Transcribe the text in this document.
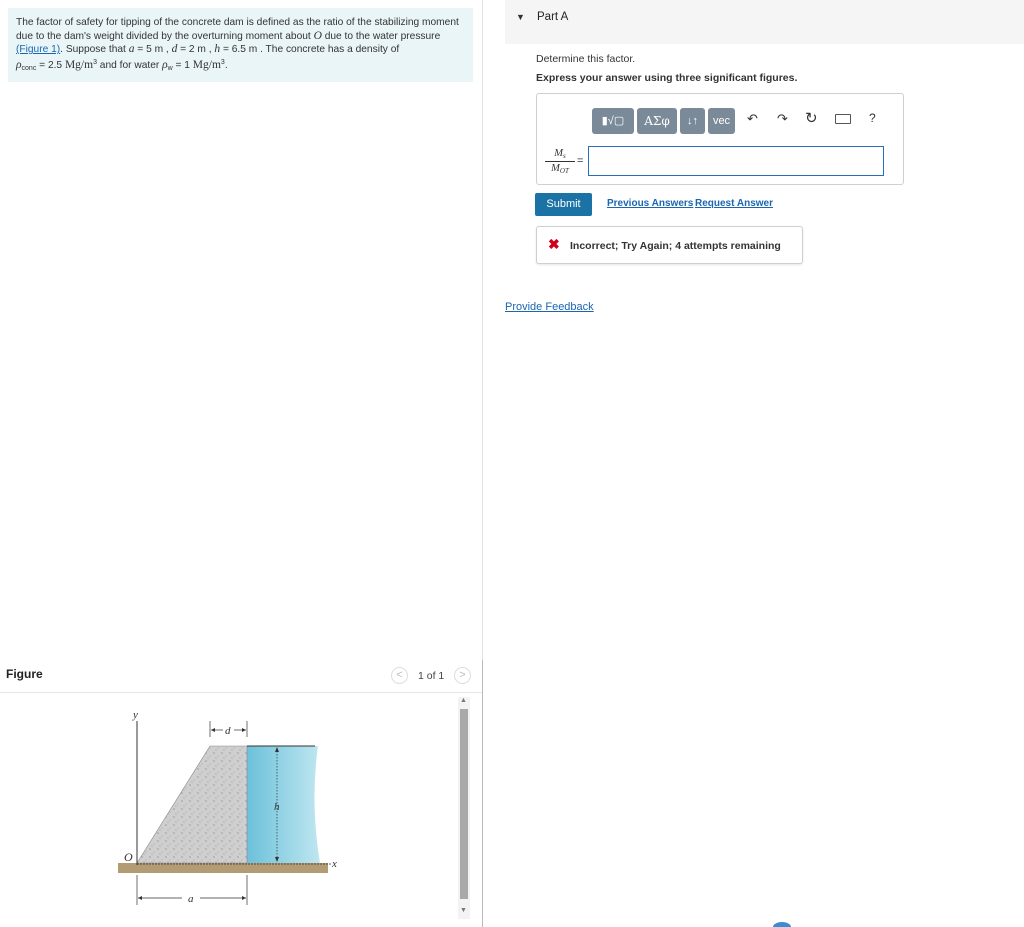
The factor of safety for tipping of the concrete dam is defined as the ratio of the stabilizing moment
due to the dam's weight divided by the overturning moment about O due to the water pressure
(Figure 1). Suppose that a = 5 m , d = 2 m , h = 6.5 m . The concrete has a density of
$\rho_{conc} = 2.5$ $Mg/m^3$ and for water $\rho_w = 1$ $Mg/m^3$.
Figure	<	1 of 1	>
y
x
O
d
h
a
▲
▼
▼ Part A
Determine this factor.
Express your answer using three significant figures.
▮√▢	ΑΣφ	↓↑	vec	↶ ↷ ↻	?
$M_s$
$M_{OT}$
=
Submit	Previous Answers Request Answer
✖ Incorrect; Try Again; 4 attempts remaining
Provide Feedback
